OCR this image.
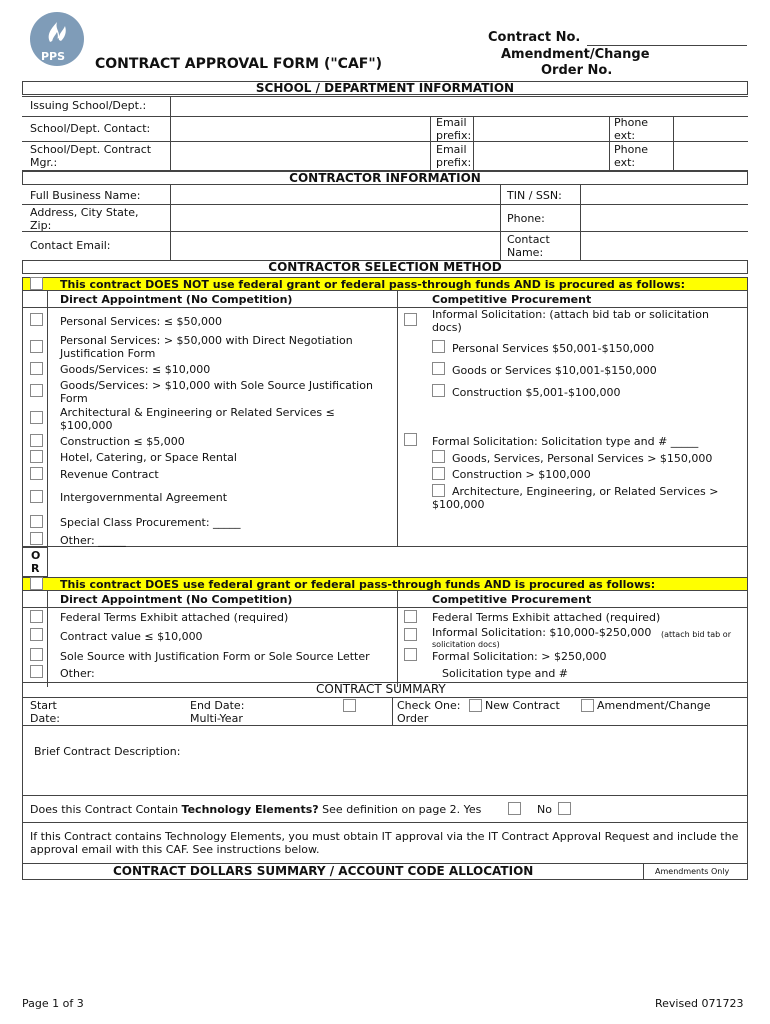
PPS CONTRACT APPROVAL FORM ("CAF")
Contract No.
Amendment/Change
Order No.
SCHOOL / DEPARTMENT INFORMATION
Issuing School/Dept.:
School/Dept. Contact:	Email prefix:
Phone ext:
School/Dept. Contract Mgr.:
Email prefix:
Phone ext:
CONTRACTOR INFORMATION
Full Business Name:	TIN / SSN:
Address, City State, Zip:
Phone:
Contact Email:	Contact Name:
CONTRACTOR SELECTION METHOD
This contract DOES NOT use federal grant or federal pass-through funds AND is procured as follows:
Direct Appointment (No Competition)	Competitive Procurement
Personal Services: ≤ $50,000
Personal Services: > $50,000 with Direct Negotiation Justification Form
Goods/Services: ≤ $10,000
Goods/Services: > $10,000 with Sole Source Justification Form
Architectural & Engineering or Related Services ≤ $100,000
Construction ≤ $5,000
Hotel, Catering, or Space Rental
Revenue Contract
Intergovernmental Agreement
Special Class Procurement: _____
Other: _____
Informal Solicitation: (attach bid tab or solicitation docs)
Personal Services $50,001-$150,000
Goods or Services $10,001-$150,000
Construction $5,001-$100,000
Formal Solicitation: Solicitation type and # _____
Goods, Services, Personal Services > $150,000
Construction > $100,000
Architecture, Engineering, or Related Services > $100,000
O
R
This contract DOES use federal grant or federal pass-through funds AND is procured as follows:
Direct Appointment (No Competition)	Competitive Procurement
Federal Terms Exhibit attached (required)
Contract value ≤ $10,000
Sole Source with Justification Form or Sole Source Letter
Other:
Federal Terms Exhibit attached (required)
Informal Solicitation: $10,000-$250,000 (attach bid tab or
solicitation docs)
Formal Solicitation: > $250,000
Solicitation type and #
CONTRACT SUMMARY
Start Date:
End Date: Multi-Year
Check One: New Contract	Amendment/Change
Order
Brief Contract Description:
Does this Contract Contain Technology Elements? See definition on page 2. Yes	No
If this Contract contains Technology Elements, you must obtain IT approval via the IT Contract Approval Request and include the approval email with this CAF. See instructions below.
CONTRACT DOLLARS SUMMARY / ACCOUNT CODE ALLOCATION	Amendments Only
Page 1 of 3	Revised 071723
